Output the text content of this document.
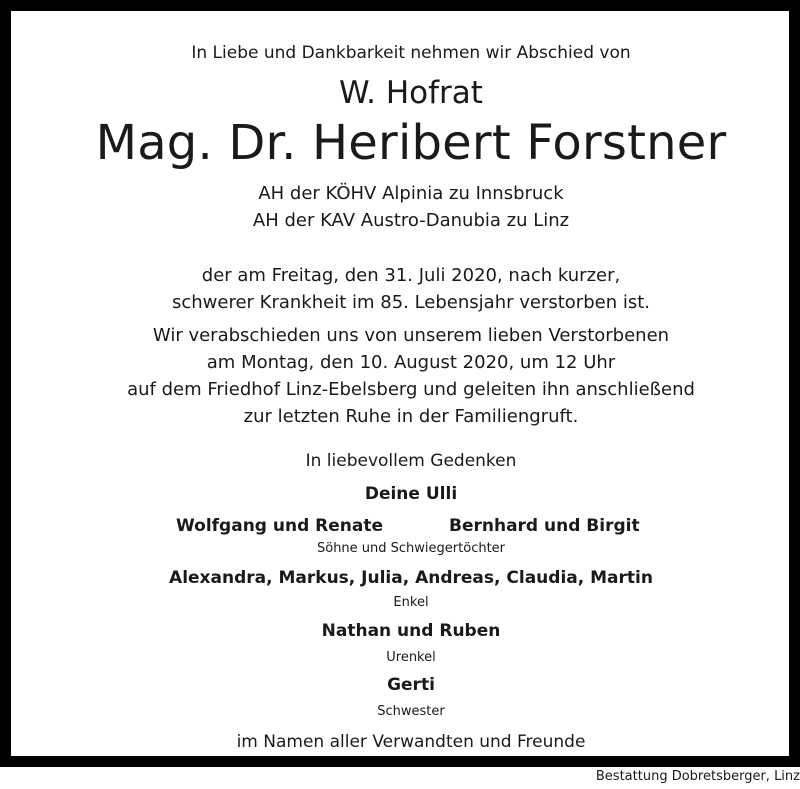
In Liebe und Dankbarkeit nehmen wir Abschied von
W. Hofrat
Mag. Dr. Heribert Forstner
AH der KÖHV Alpinia zu Innsbruck
AH der KAV Austro-Danubia zu Linz
der am Freitag, den 31. Juli 2020, nach kurzer,
schwerer Krankheit im 85. Lebensjahr verstorben ist.
Wir verabschieden uns von unserem lieben Verstorbenen
am Montag, den 10. August 2020, um 12 Uhr
auf dem Friedhof Linz-Ebelsberg und geleiten ihn anschließend
zur letzten Ruhe in der Familiengruft.
In liebevollem Gedenken
Deine Ulli
Wolfgang und Renate	Bernhard und Birgit
Söhne und Schwiegertöchter
Alexandra, Markus, Julia, Andreas, Claudia, Martin
Enkel
Nathan und Ruben
Urenkel
Gerti
Schwester
im Namen aller Verwandten und Freunde
Bestattung Dobretsberger, Linz
